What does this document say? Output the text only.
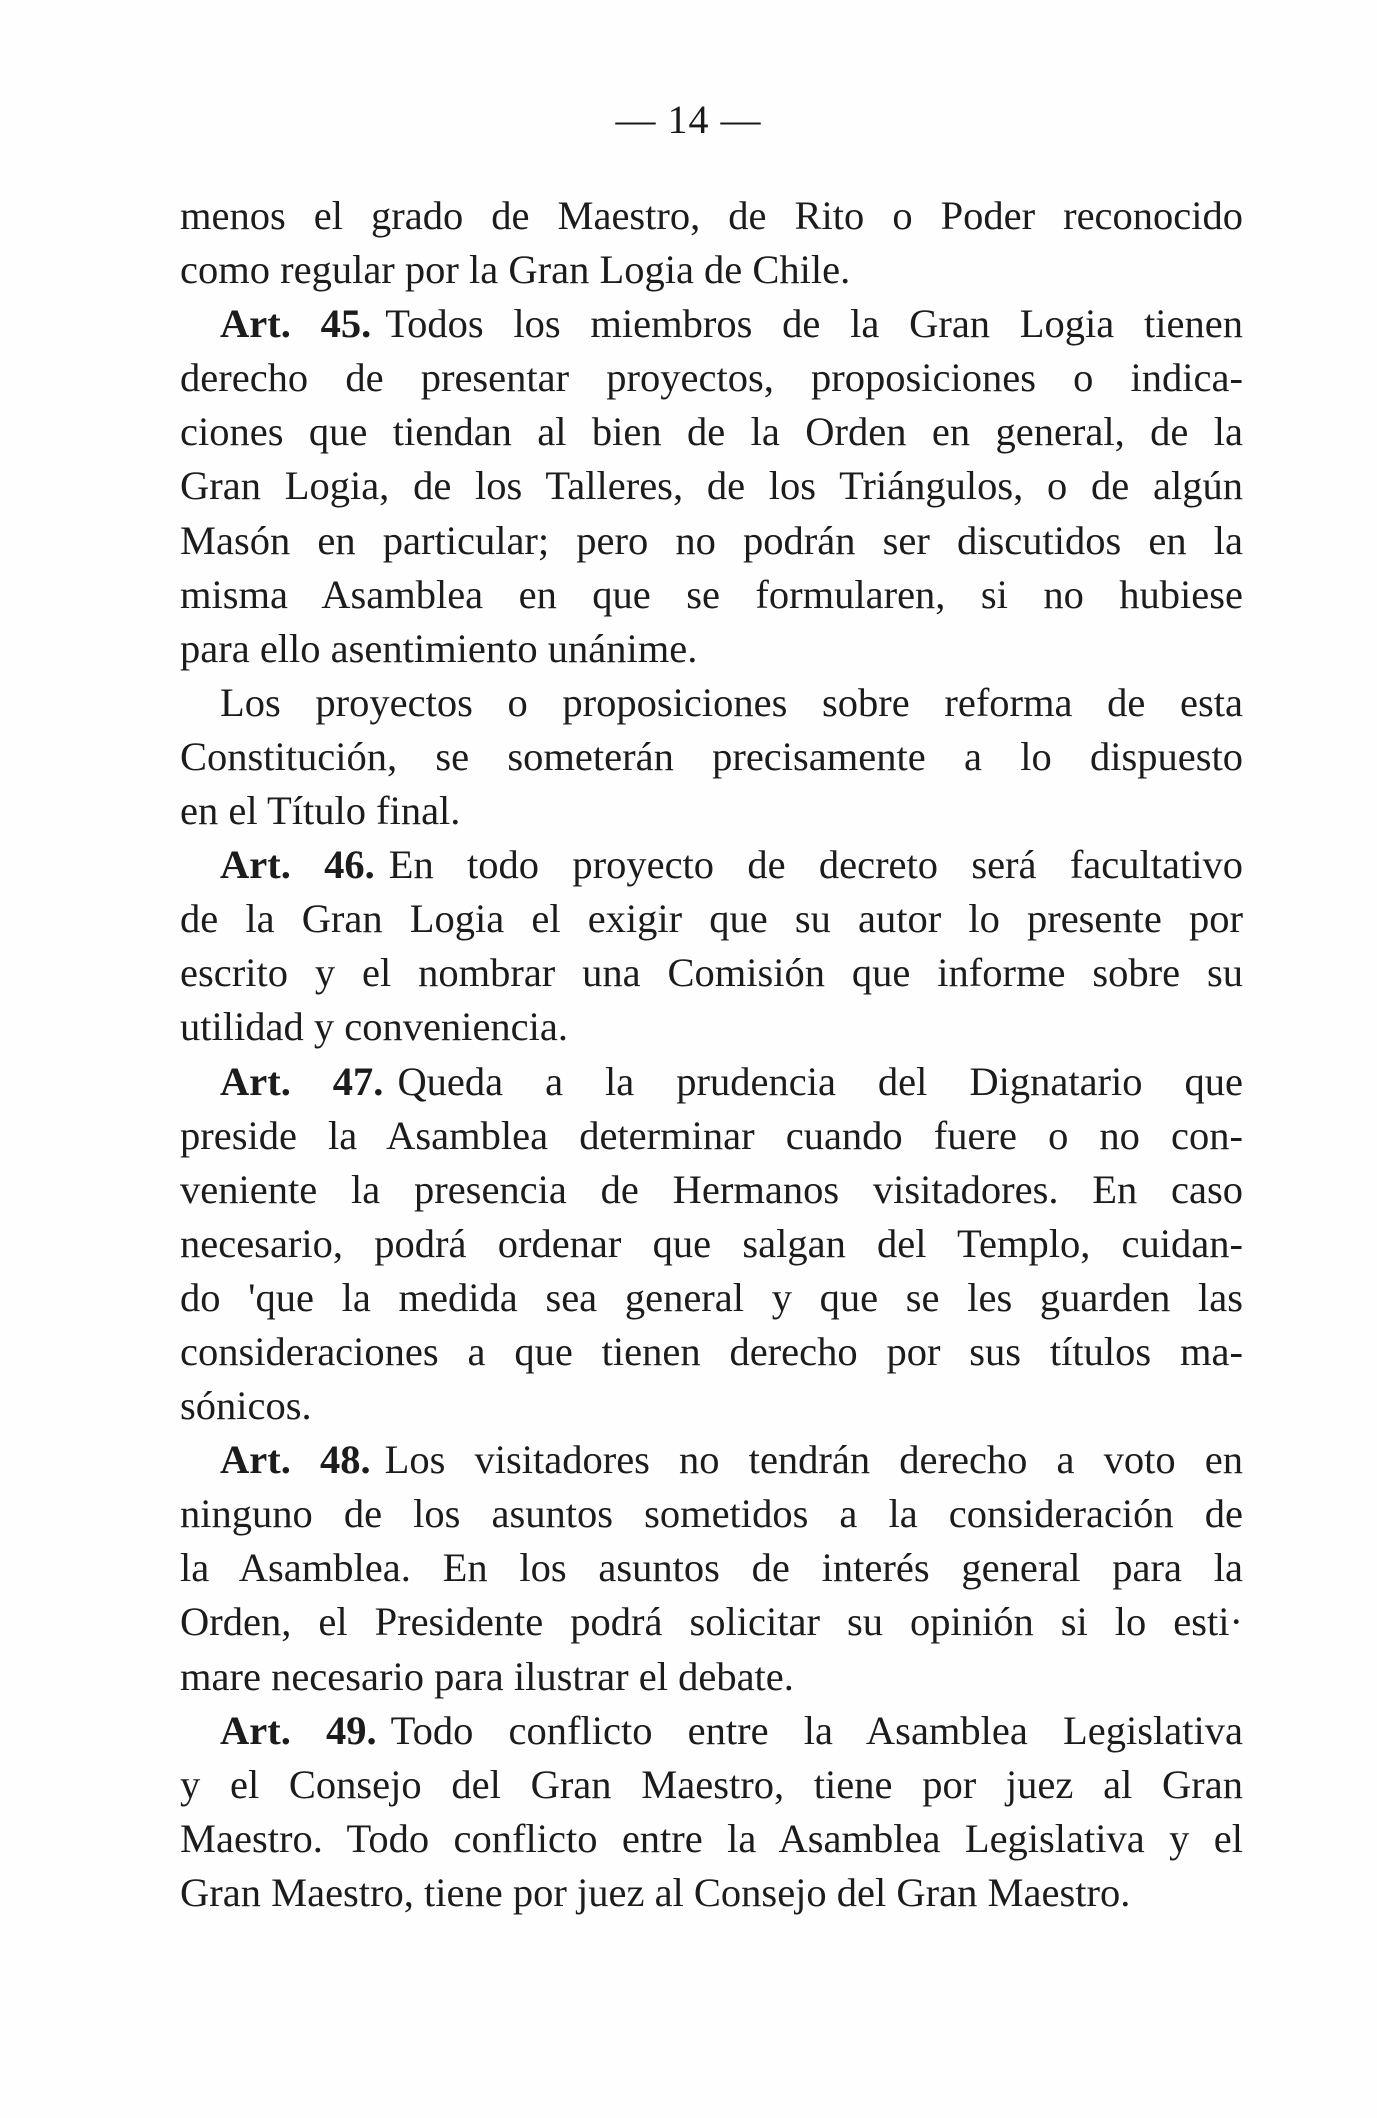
— 14 —
menos el grado de Maestro, de Rito o Poder reconocido
como regular por la Gran Logia de Chile.
Art. 45. Todos los miembros de la Gran Logia tienen
derecho de presentar proyectos, proposiciones o indica-
ciones que tiendan al bien de la Orden en general, de la
Gran Logia, de los Talleres, de los Triángulos, o de algún
Masón en particular; pero no podrán ser discutidos en la
misma Asamblea en que se formularen, si no hubiese
para ello asentimiento unánime.
Los proyectos o proposiciones sobre reforma de esta
Constitución, se someterán precisamente a lo dispuesto
en el Título final.
Art. 46. En todo proyecto de decreto será facultativo
de la Gran Logia el exigir que su autor lo presente por
escrito y el nombrar una Comisión que informe sobre su
utilidad y conveniencia.
Art. 47. Queda a la prudencia del Dignatario que
preside la Asamblea determinar cuando fuere o no con-
veniente la presencia de Hermanos visitadores. En caso
necesario, podrá ordenar que salgan del Templo, cuidan-
do 'que la medida sea general y que se les guarden las
consideraciones a que tienen derecho por sus títulos ma-
sónicos.
Art. 48. Los visitadores no tendrán derecho a voto en
ninguno de los asuntos sometidos a la consideración de
la Asamblea. En los asuntos de interés general para la
Orden, el Presidente podrá solicitar su opinión si lo esti·
mare necesario para ilustrar el debate.
Art. 49. Todo conflicto entre la Asamblea Legislativa
y el Consejo del Gran Maestro, tiene por juez al Gran
Maestro. Todo conflicto entre la Asamblea Legislativa y el
Gran Maestro, tiene por juez al Consejo del Gran Maestro.
